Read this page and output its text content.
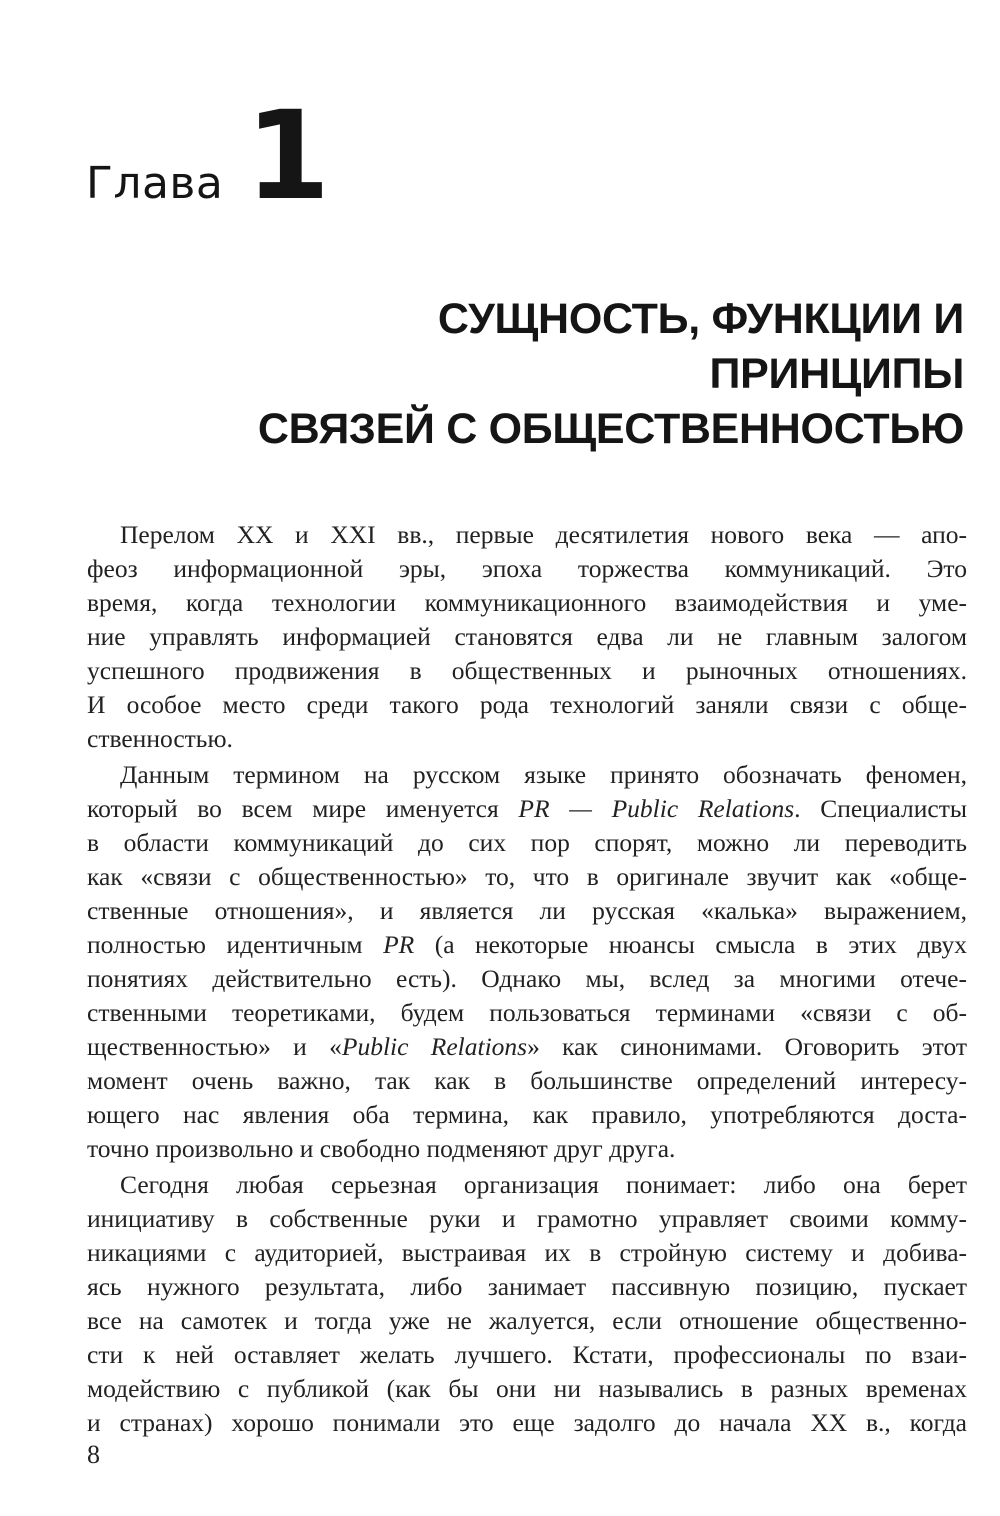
Глава 1
СУЩНОСТЬ, ФУНКЦИИ И ПРИНЦИПЫ
СВЯЗЕЙ С ОБЩЕСТВЕННОСТЬЮ
Перелом XX и XXI вв., первые десятилетия нового века — апо-
феоз информационной эры, эпоха торжества коммуникаций. Это
время, когда технологии коммуникационного взаимодействия и уме-
ние управлять информацией становятся едва ли не главным залогом
успешного продвижения в общественных и рыночных отношениях.
И особое место среди такого рода технологий заняли связи с обще-
ственностью.
Данным термином на русском языке принято обозначать феномен,
который во всем мире именуется PR — Public Relations. Специалисты
в области коммуникаций до сих пор спорят, можно ли переводить
как «связи с общественностью» то, что в оригинале звучит как «обще-
ственные отношения», и является ли русская «калька» выражением,
полностью идентичным PR (а некоторые нюансы смысла в этих двух
понятиях действительно есть). Однако мы, вслед за многими отече-
ственными теоретиками, будем пользоваться терминами «связи с об-
щественностью» и «Public Relations» как синонимами. Оговорить этот
момент очень важно, так как в большинстве определений интересу-
ющего нас явления оба термина, как правило, употребляются доста-
точно произвольно и свободно подменяют друг друга.
Сегодня любая серьезная организация понимает: либо она берет
инициативу в собственные руки и грамотно управляет своими комму-
никациями с аудиторией, выстраивая их в стройную систему и добива-
ясь нужного результата, либо занимает пассивную позицию, пускает
все на самотек и тогда уже не жалуется, если отношение общественно-
сти к ней оставляет желать лучшего. Кстати, профессионалы по взаи-
модействию с публикой (как бы они ни назывались в разных временах
и странах) хорошо понимали это еще задолго до начала XX в., когда
8
